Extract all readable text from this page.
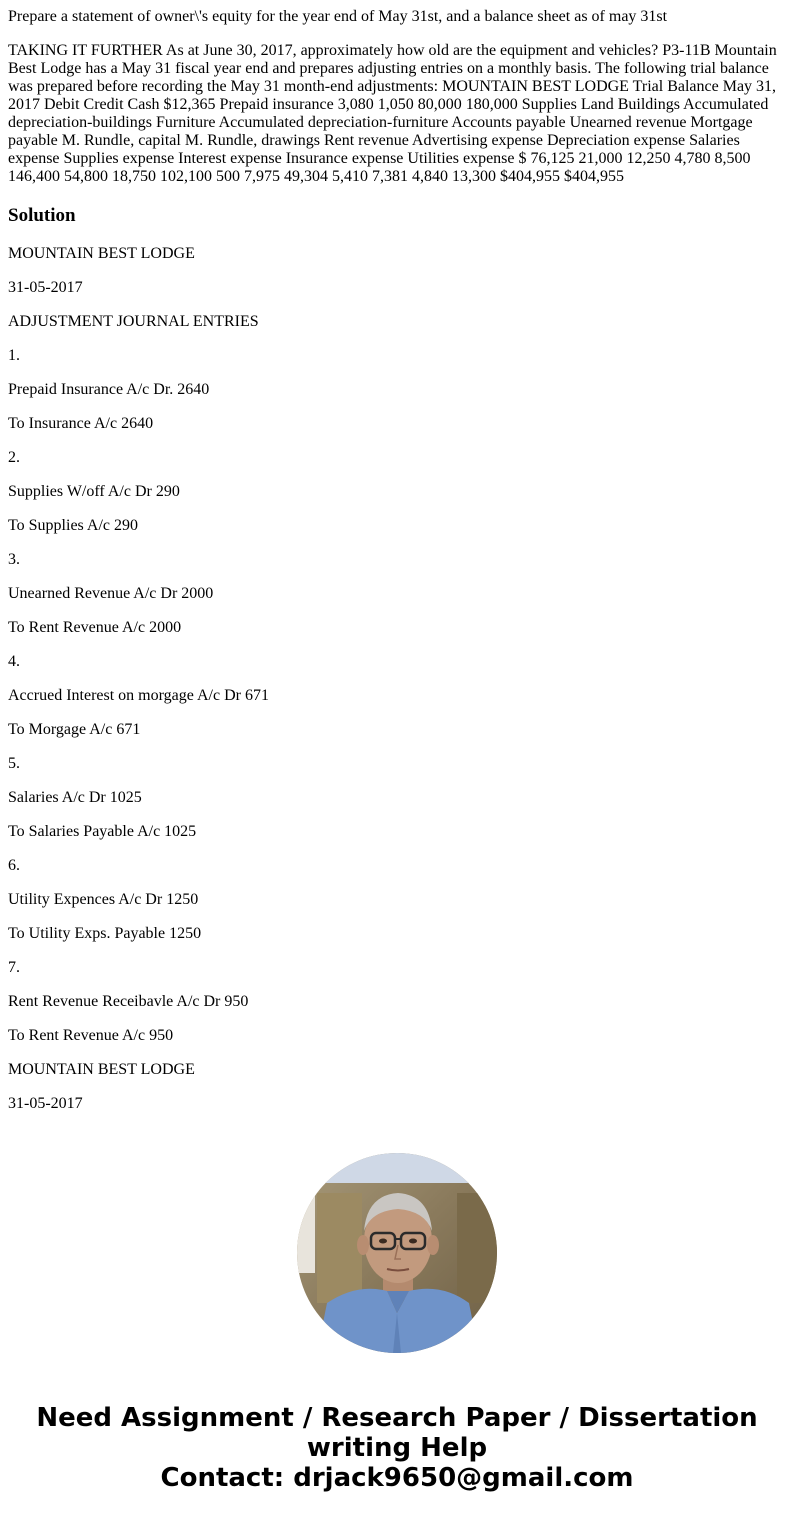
Prepare a statement of owner\'s equity for the year end of May 31st, and a balance sheet as of may 31st

TAKING IT FURTHER As at June 30, 2017, approximately how old are the equipment and vehicles? P3-11B Mountain Best Lodge has a May 31 fiscal year end and prepares adjusting entries on a monthly basis. The following trial balance was prepared before recording the May 31 month-end adjustments: MOUNTAIN BEST LODGE Trial Balance May 31, 2017 Debit Credit Cash $12,365 Prepaid insurance 3,080 1,050 80,000 180,000 Supplies Land Buildings Accumulated depreciation-buildings Furniture Accumulated depreciation-furniture Accounts payable Unearned revenue Mortgage payable M. Rundle, capital M. Rundle, drawings Rent revenue Advertising expense Depreciation expense Salaries expense Supplies expense Interest expense Insurance expense Utilities expense $ 76,125 21,000 12,250 4,780 8,500 146,400 54,800 18,750 102,100 500 7,975 49,304 5,410 7,381 4,840 13,300 $404,955 $404,955

Solution
MOUNTAIN BEST LODGE
31-05-2017
ADJUSTMENT JOURNAL ENTRIES
1.
Prepaid Insurance A/c Dr. 2640
To Insurance A/c 2640
2.
Supplies W/off A/c Dr 290
To Supplies A/c 290
3.
Unearned Revenue A/c Dr 2000
To Rent Revenue A/c 2000
4.
Accrued Interest on morgage A/c Dr 671
To Morgage A/c 671
5.
Salaries A/c Dr 1025
To Salaries Payable A/c 1025
6.
Utility Expences A/c Dr 1250
To Utility Exps. Payable 1250
7.
Rent Revenue Receibavle A/c Dr 950
To Rent Revenue A/c 950
MOUNTAIN BEST LODGE
31-05-2017
Need Assignment / Research Paper / Dissertation
writing Help
Contact: drjack9650@gmail.com
